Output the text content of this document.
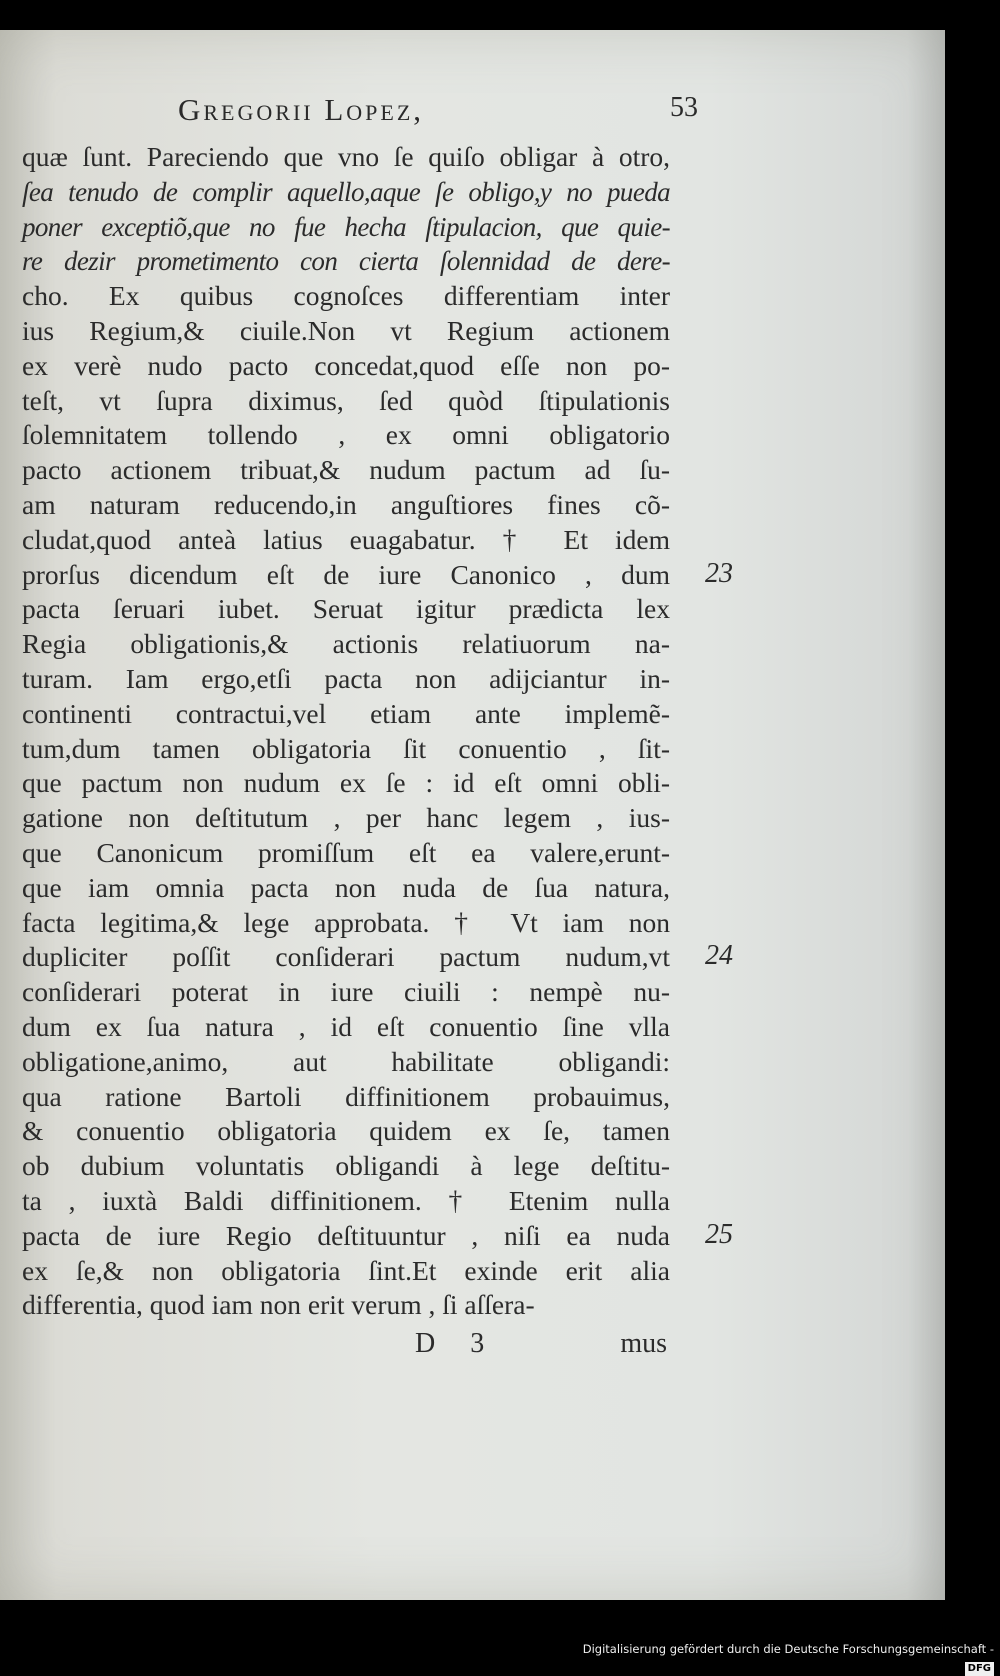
Gregorii Lopez,	53
quæ ſunt. Pareciendo que vno ſe quiſo obligar à otro,
ſea tenudo de complir aquello,aque ſe obligo,y no pueda
poner exceptiõ,que no fue hecha ſtipulacion, que quie-
re dezir prometimento con cierta ſolennidad de dere-
cho. Ex quibus cognoſces differentiam inter
ius Regium,& ciuile.Non vt Regium actionem
ex verè nudo pacto concedat,quod eſſe non po-
teſt, vt ſupra diximus, ſed quòd ſtipulationis
ſolemnitatem tollendo , ex omni obligatorio
pacto actionem tribuat,& nudum pactum ad ſu-
am naturam reducendo,in anguſtiores fines cõ-
cludat,quod anteà latius euagabatur. † Et idem
prorſus dicendum eſt de iure Canonico , dum
pacta ſeruari iubet. Seruat igitur prædicta lex
Regia obligationis,& actionis relatiuorum na-
turam. Iam ergo,etſi pacta non adijciantur in-
continenti contractui,vel etiam ante implemẽ-
tum,dum tamen obligatoria ſit conuentio , ſit-
que pactum non nudum ex ſe : id eſt omni obli-
gatione non deſtitutum , per hanc legem , ius-
que Canonicum promiſſum eſt ea valere,erunt-
que iam omnia pacta non nuda de ſua natura,
facta legitima,& lege approbata. † Vt iam non
dupliciter poſſit conſiderari pactum nudum,vt
conſiderari poterat in iure ciuili : nempè nu-
dum ex ſua natura , id eſt conuentio ſine vlla
obligatione,animo, aut habilitate obligandi:
qua ratione Bartoli diffinitionem probauimus,
& conuentio obligatoria quidem ex ſe, tamen
ob dubium voluntatis obligandi à lege deſtitu-
ta , iuxtà Baldi diffinitionem. † Etenim nulla
pacta de iure Regio deſtituuntur , niſi ea nuda
ex ſe,& non obligatoria ſint.Et exinde erit alia
differentia, quod iam non erit verum , ſi aſſera-
23
24
25
D 3	mus
Digitalisierung gefördert durch die Deutsche Forschungsgemeinschaft -DFG
